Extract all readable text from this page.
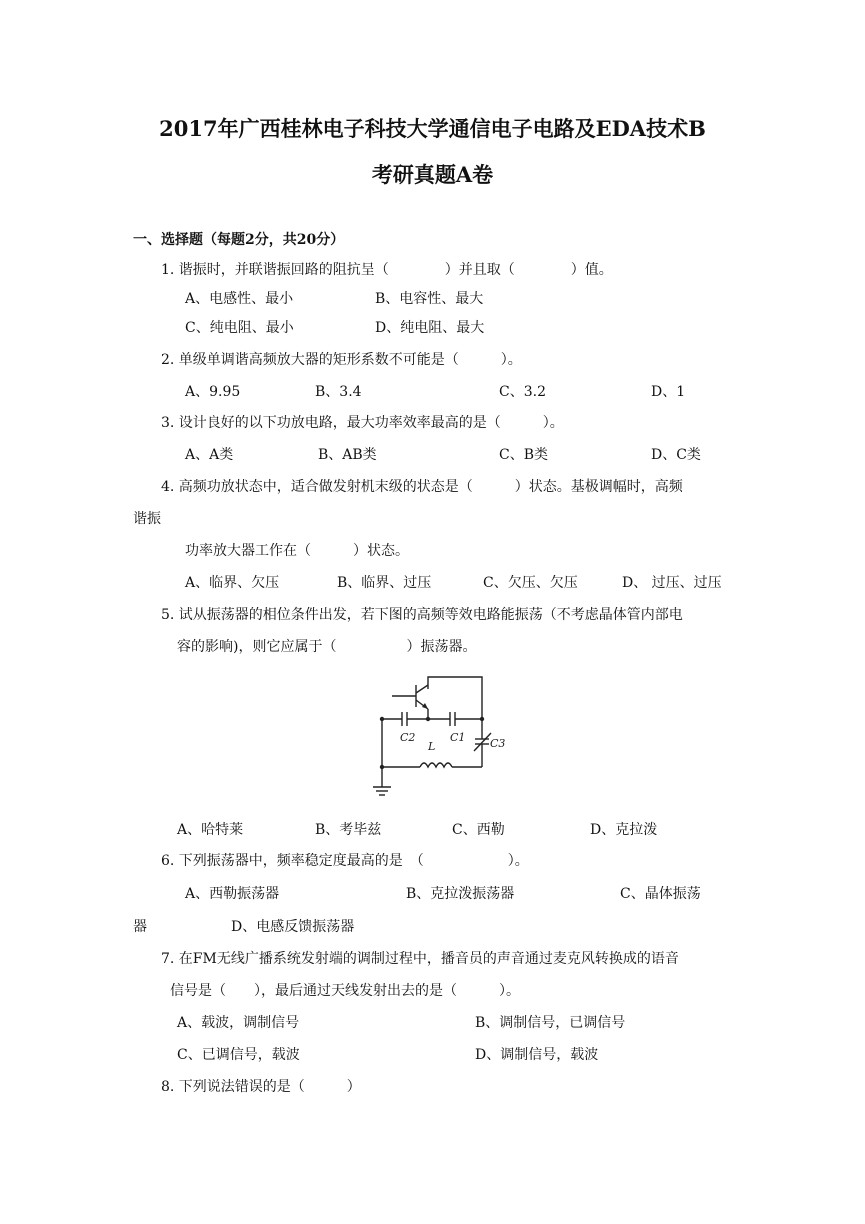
2017年广西桂林电子科技大学通信电子电路及EDA技术B
考研真题A卷
一、选择题（每题2分，共20分）
1. 谐振时，并联谐振回路的阻抗呈（　　　　）并且取（　　　　）值。
A、电感性、最小	B、电容性、最大
C、纯电阻、最小	D、纯电阻、最大
2. 单级单调谐高频放大器的矩形系数不可能是（　　　）。
A、9.95	B、3.4	C、3.2	D、1
3. 设计良好的以下功放电路，最大功率效率最高的是（　　　）。
A、A类	B、AB类	C、B类	D、C类
4. 高频功放状态中，适合做发射机末级的状态是（　　　）状态。基极调幅时，高频
谐振
功率放大器工作在（　　　）状态。
A、临界、欠压	B、临界、过压	C、欠压、欠压	D、 过压、过压
5. 试从振荡器的相位条件出发，若下图的高频等效电路能振荡（不考虑晶体管内部电
容的影响)，则它应属于（　　　　　）振荡器。
C2	C1
L	C3
A、哈特莱	B、考毕兹	C、西勒	D、克拉泼
6. 下列振荡器中，频率稳定度最高的是　（　　　　　　）。
A、西勒振荡器	B、克拉泼振荡器	C、晶体振荡
器	D、电感反馈振荡器
7. 在FM无线广播系统发射端的调制过程中，播音员的声音通过麦克风转换成的语音
信号是（　　），最后通过天线发射出去的是（　　　）。
A、载波，调制信号	B、调制信号，已调信号
C、已调信号，载波	D、调制信号，载波
8. 下列说法错误的是（　　　）
